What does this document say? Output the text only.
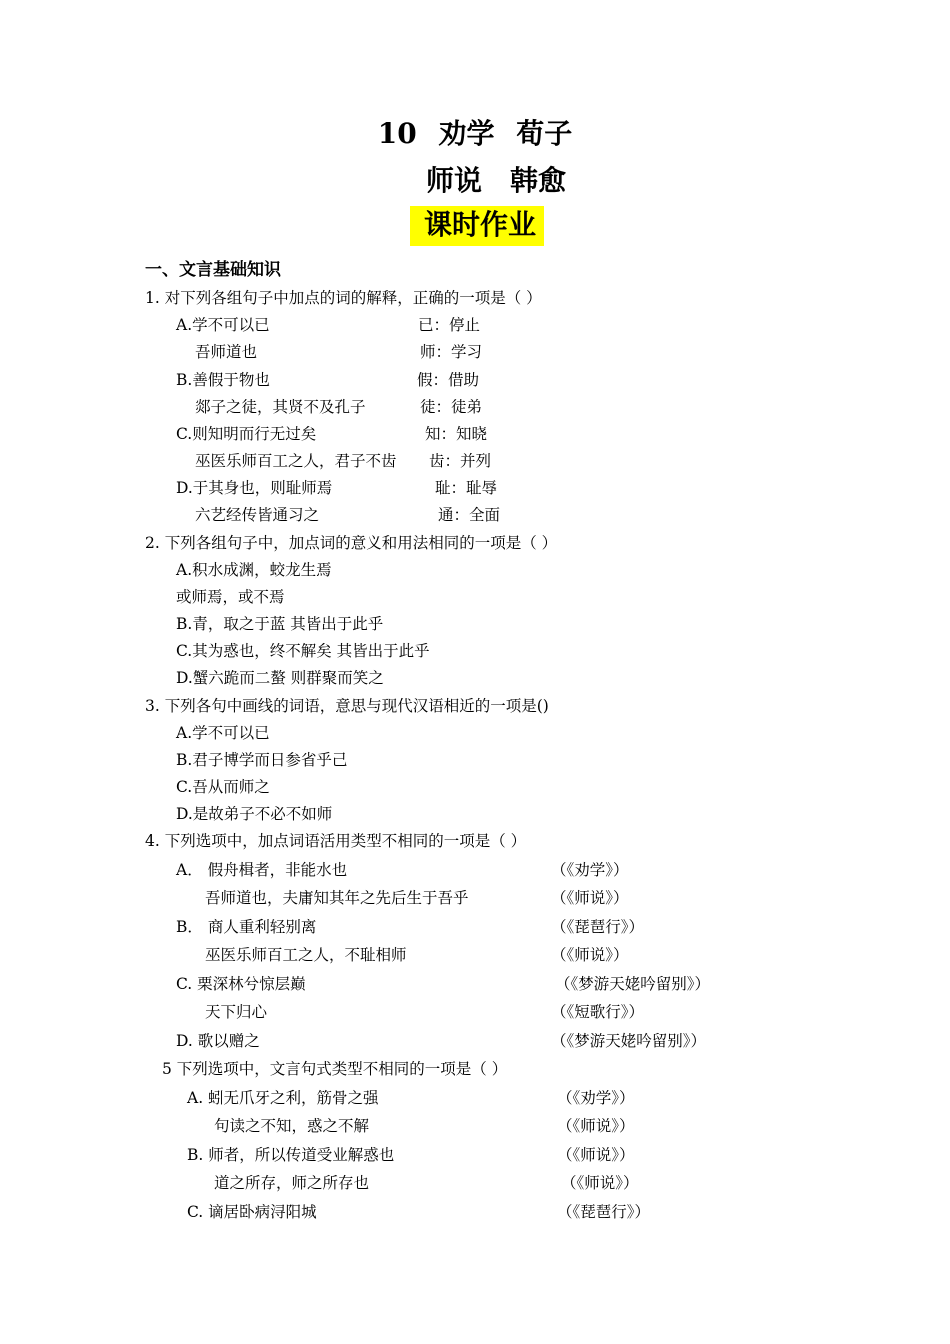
10 劝学 荀子
师说　韩愈
课时作业
一、文言基础知识
1. 对下列各组句子中加点的词的解释，正确的一项是（ ）
A.学不可以已	已：停止
吾师道也	师：学习
B.善假于物也	假：借助
郯子之徒，其贤不及孔子	徒：徒弟
C.则知明而行无过矣	知：知晓
巫医乐师百工之人，君子不齿 齿：并列
D.于其身也，则耻师焉	耻：耻辱
六艺经传皆通习之	通：全面
2. 下列各组句子中，加点词的意义和用法相同的一项是（ ）
A.积水成渊，蛟龙生焉
或师焉，或不焉
B.青，取之于蓝 其皆出于此乎
C.其为惑也，终不解矣 其皆出于此乎
D.蟹六跪而二螯 则群聚而笑之
3. 下列各句中画线的词语，意思与现代汉语相近的一项是()
A.学不可以已
B.君子博学而日参省乎己
C.吾从而师之
D.是故弟子不必不如师
4. 下列选项中，加点词语活用类型不相同的一项是（ ）
A． 假舟楫者，非能水也	（《劝学》）
吾师道也，夫庸知其年之先后生于吾乎	（《师说》）
B． 商人重利轻别离	（《琵琶行》）
巫医乐师百工之人，不耻相师	（《师说》）
C. 栗深林兮惊层巅	（《梦游天姥吟留别》）
天下归心	（《短歌行》）
D. 歌以赠之	（《梦游天姥吟留别》）
5 下列选项中，文言句式类型不相同的一项是（ ）
A. 蚓无爪牙之利，筋骨之强	（《劝学》）
句读之不知，惑之不解	（《师说》）
B. 师者，所以传道受业解惑也	（《师说》）
道之所存，师之所存也	（《师说》）
C. 谪居卧病浔阳城	（《琵琶行》）
